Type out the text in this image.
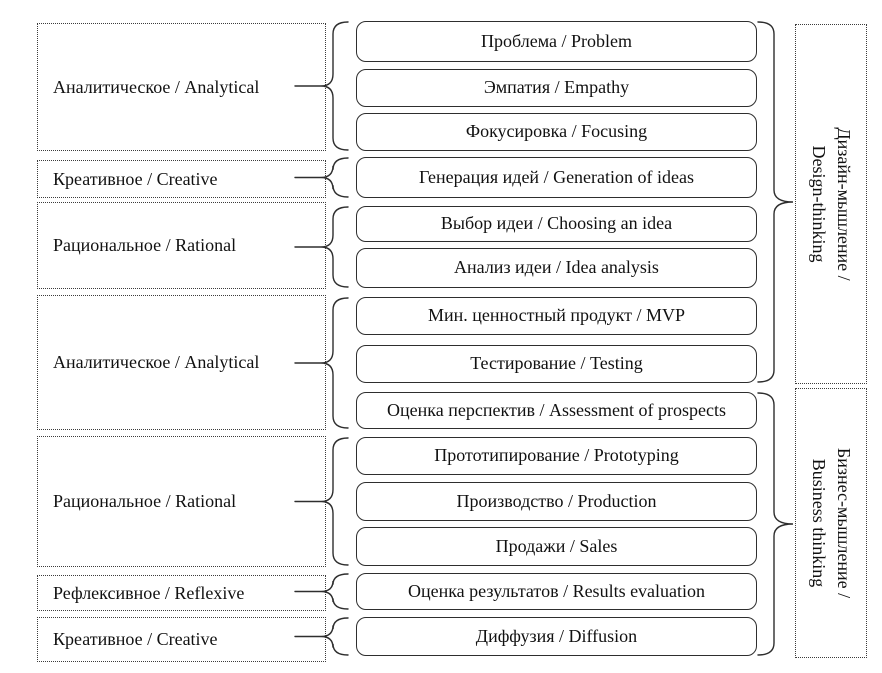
Аналитическое / Analytical
Креативное / Creative
Рациональное / Rational
Аналитическое / Analytical
Рациональное / Rational
Рефлексивное / Reflexive
Креативное / Creative
Проблема / Problem
Эмпатия / Empathy
Фокусировка / Focusing
Генерация идей / Generation of ideas
Выбор идеи / Choosing an idea
Анализ идеи / Idea analysis
Мин. ценностный продукт / MVP
Тестирование / Testing
Оценка перспектив / Assessment of prospects
Прототипирование / Prototyping
Производство / Production
Продажи / Sales
Оценка результатов / Results evaluation
Диффузия / Diffusion
Дизайн-мышление /
Design-thinking
Бизнес-мышление /
Business thinking
